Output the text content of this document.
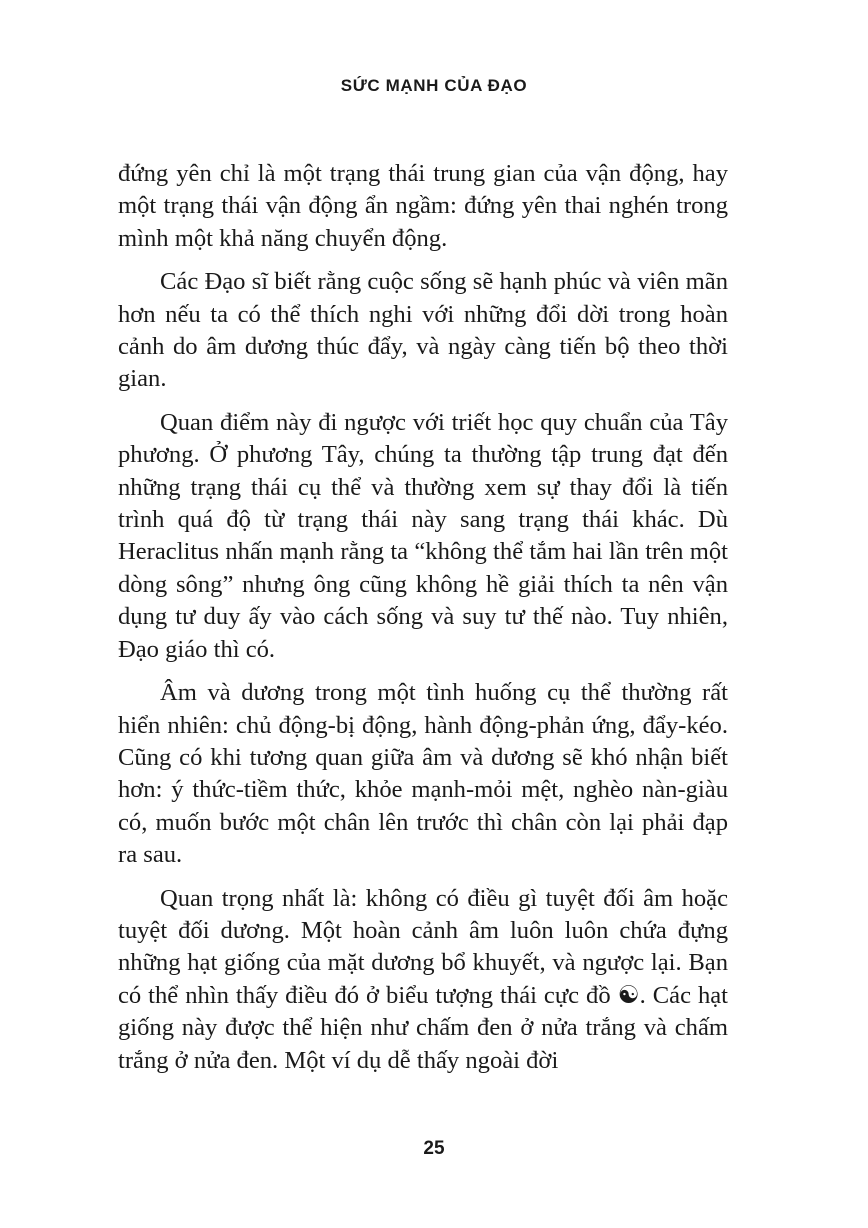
SỨC MẠNH CỦA ĐẠO

đứng yên chỉ là một trạng thái trung gian của vận động, hay một trạng thái vận động ẩn ngầm: đứng yên thai nghén trong mình một khả năng chuyển động.

Các Đạo sĩ biết rằng cuộc sống sẽ hạnh phúc và viên mãn hơn nếu ta có thể thích nghi với những đổi dời trong hoàn cảnh do âm dương thúc đẩy, và ngày càng tiến bộ theo thời gian.

Quan điểm này đi ngược với triết học quy chuẩn của Tây phương. Ở phương Tây, chúng ta thường tập trung đạt đến những trạng thái cụ thể và thường xem sự thay đổi là tiến trình quá độ từ trạng thái này sang trạng thái khác. Dù Heraclitus nhấn mạnh rằng ta “không thể tắm hai lần trên một dòng sông” nhưng ông cũng không hề giải thích ta nên vận dụng tư duy ấy vào cách sống và suy tư thế nào. Tuy nhiên, Đạo giáo thì có.

Âm và dương trong một tình huống cụ thể thường rất hiển nhiên: chủ động-bị động, hành động-phản ứng, đẩy-kéo. Cũng có khi tương quan giữa âm và dương sẽ khó nhận biết hơn: ý thức-tiềm thức, khỏe mạnh-mỏi mệt, nghèo nàn-giàu có, muốn bước một chân lên trước thì chân còn lại phải đạp ra sau.

Quan trọng nhất là: không có điều gì tuyệt đối âm hoặc tuyệt đối dương. Một hoàn cảnh âm luôn luôn chứa đựng những hạt giống của mặt dương bổ khuyết, và ngược lại. Bạn có thể nhìn thấy điều đó ở biểu tượng thái cực đồ ☯. Các hạt giống này được thể hiện như chấm đen ở nửa trắng và chấm trắng ở nửa đen. Một ví dụ dễ thấy ngoài đời

25
